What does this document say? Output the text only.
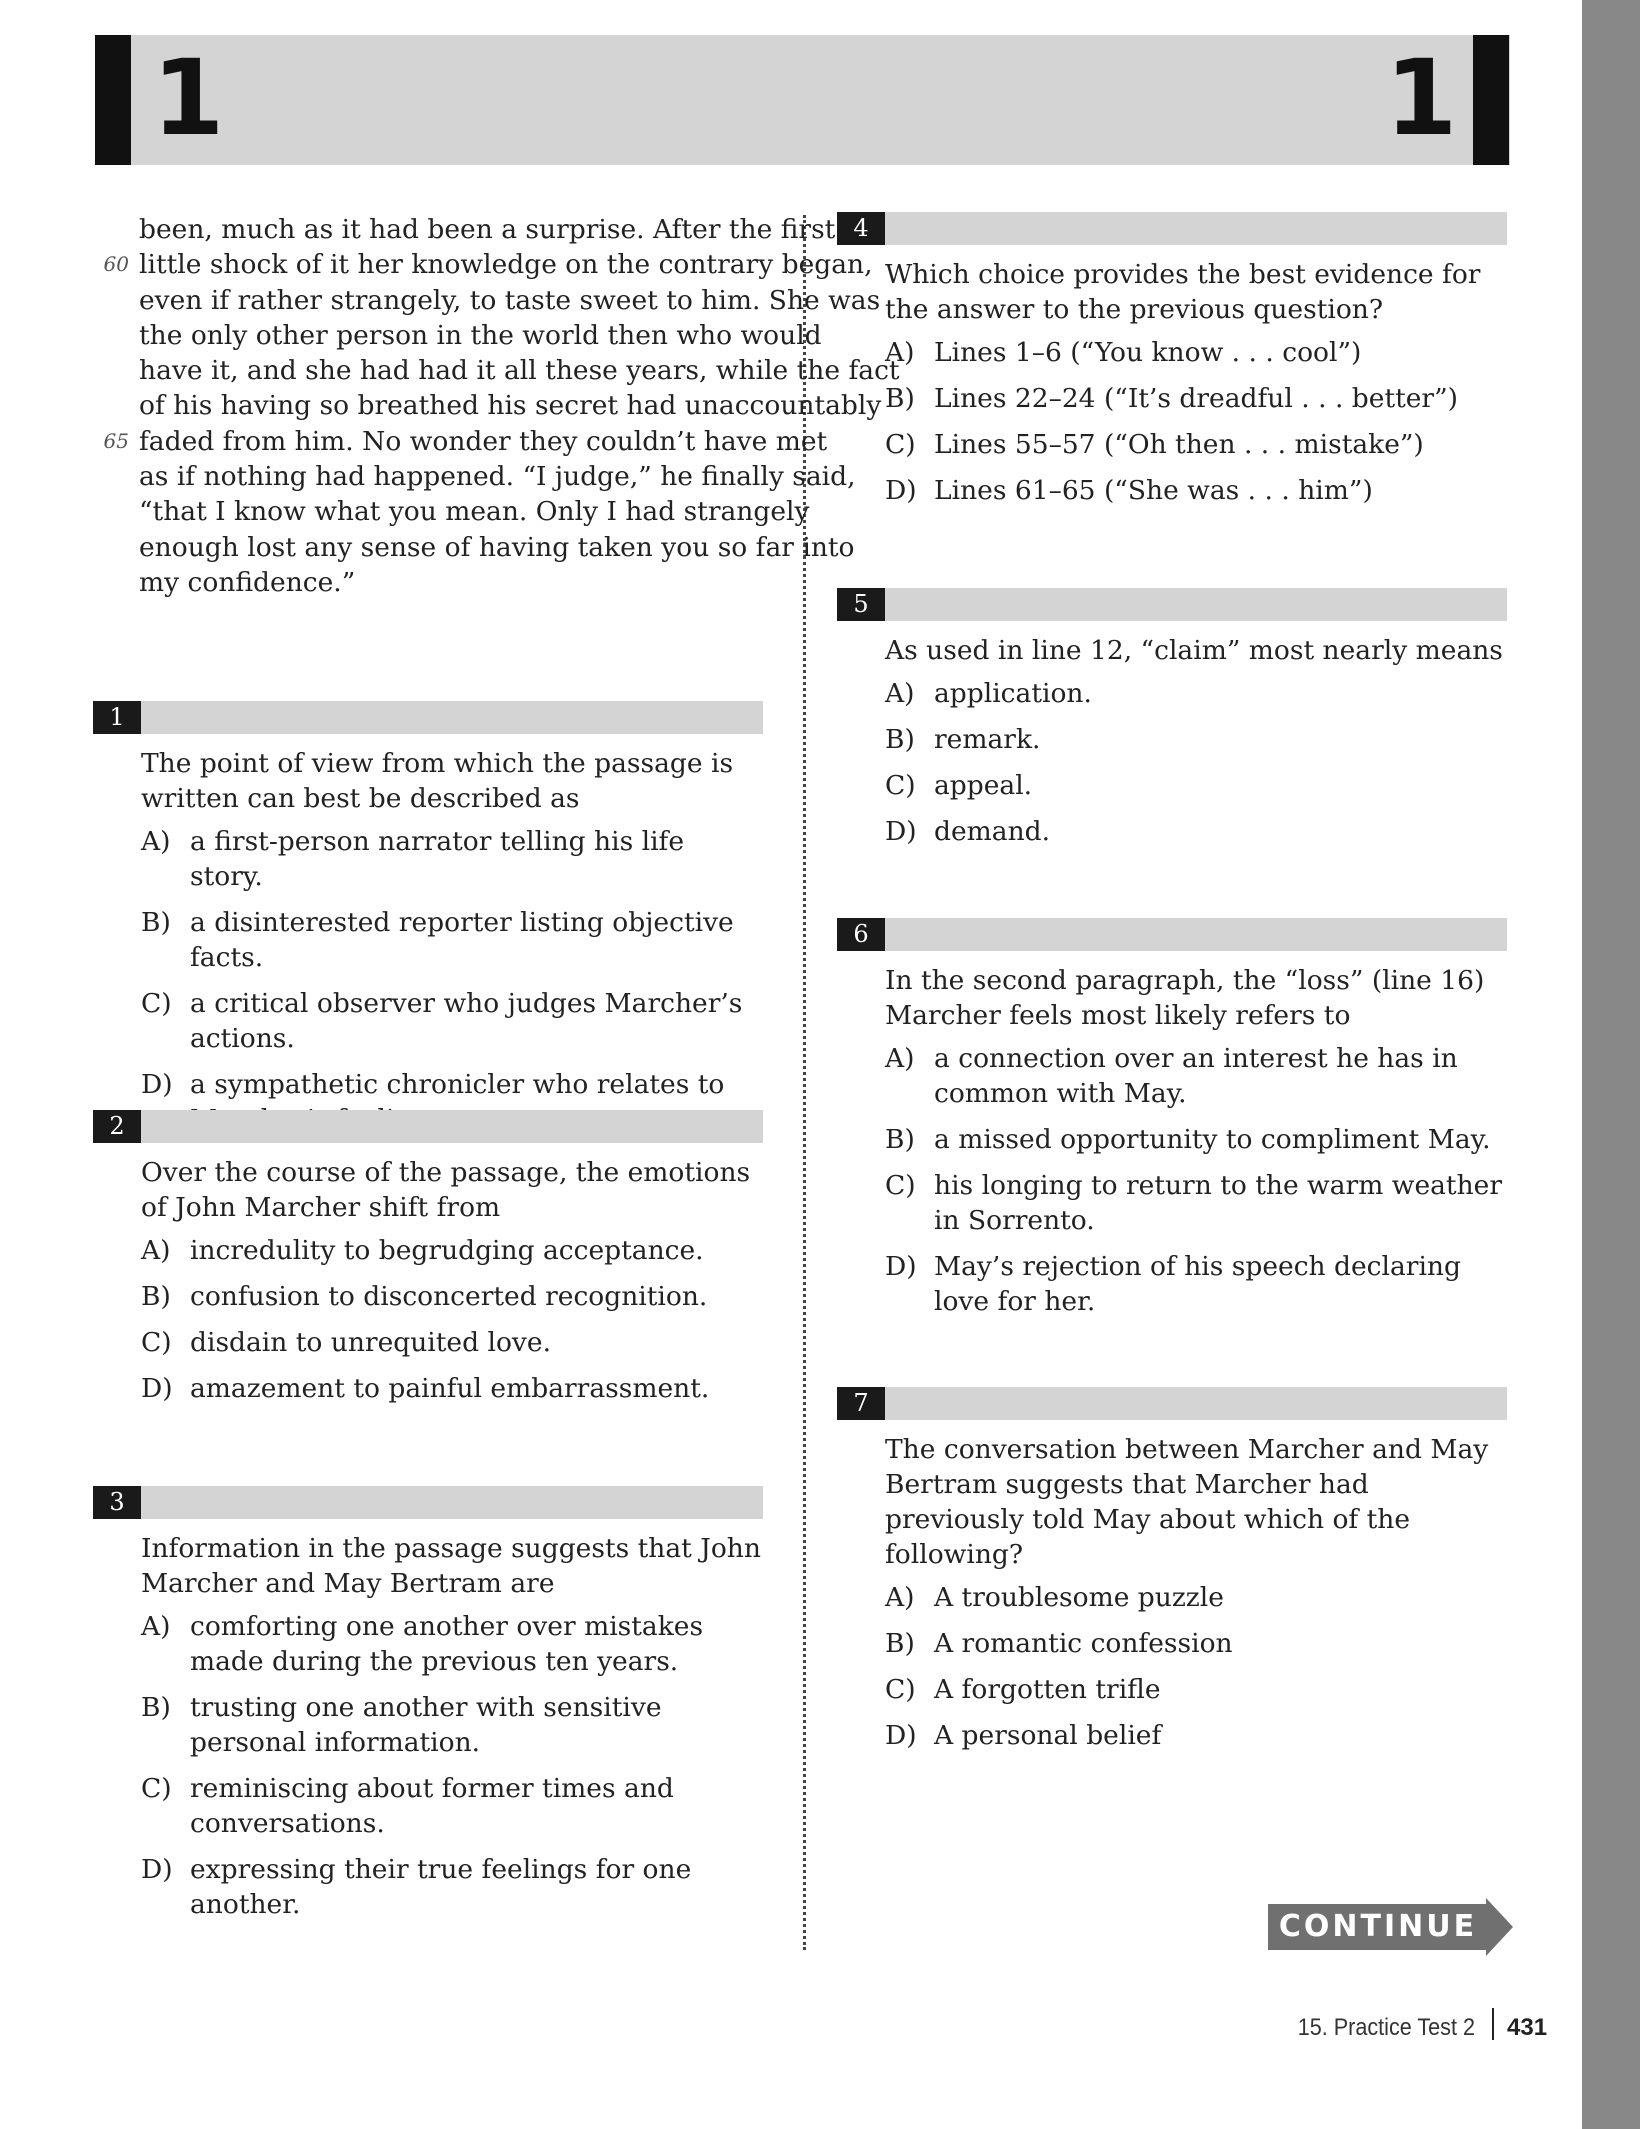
1	1
been, much as it had been a surprise. After the first
60 little shock of it her knowledge on the contrary began,
even if rather strangely, to taste sweet to him. She was
the only other person in the world then who would
have it, and she had had it all these years, while the fact
of his having so breathed his secret had unaccountably
65 faded from him. No wonder they couldn’t have met
as if nothing had happened. “I judge,” he finally said,
“that I know what you mean. Only I had strangely
enough lost any sense of having taken you so far into
my confidence.”
1
The point of view from which the passage is written can best be described as
A) a first-person narrator telling his life story.
B) a disinterested reporter listing objective facts.
C) a critical observer who judges Marcher’s actions.
D) a sympathetic chronicler who relates to
2
Over the course of the passage, the emotions of John Marcher shift from
A) incredulity to begrudging acceptance.
B) confusion to disconcerted recognition.
C) disdain to unrequited love.
D) amazement to painful embarrassment.
3
Information in the passage suggests that John Marcher and May Bertram are
A) comforting one another over mistakes made during the previous ten years.
B) trusting one another with sensitive personal information.
C) reminiscing about former times and conversations.
D) expressing their true feelings for one another.
4
Which choice provides the best evidence for the answer to the previous question?
A) Lines 1–6 (“You know . . . cool”)
B) Lines 22–24 (“It’s dreadful . . . better”)
C) Lines 55–57 (“Oh then . . . mistake”)
D) Lines 61–65 (“She was . . . him”)
5
As used in line 12, “claim” most nearly means
A) application.
B) remark.
C) appeal.
D) demand.
6
In the second paragraph, the “loss” (line 16) Marcher feels most likely refers to
A) a connection over an interest he has in common with May.
B) a missed opportunity to compliment May.
C) his longing to return to the warm weather in Sorrento.
D) May’s rejection of his speech declaring love for her.
7
The conversation between Marcher and May Bertram suggests that Marcher had previously told May about which of the following?
A) A troublesome puzzle
B) A romantic confession
C) A forgotten trifle
D) A personal belief
CONTINUE
15. Practice Test 2 431
